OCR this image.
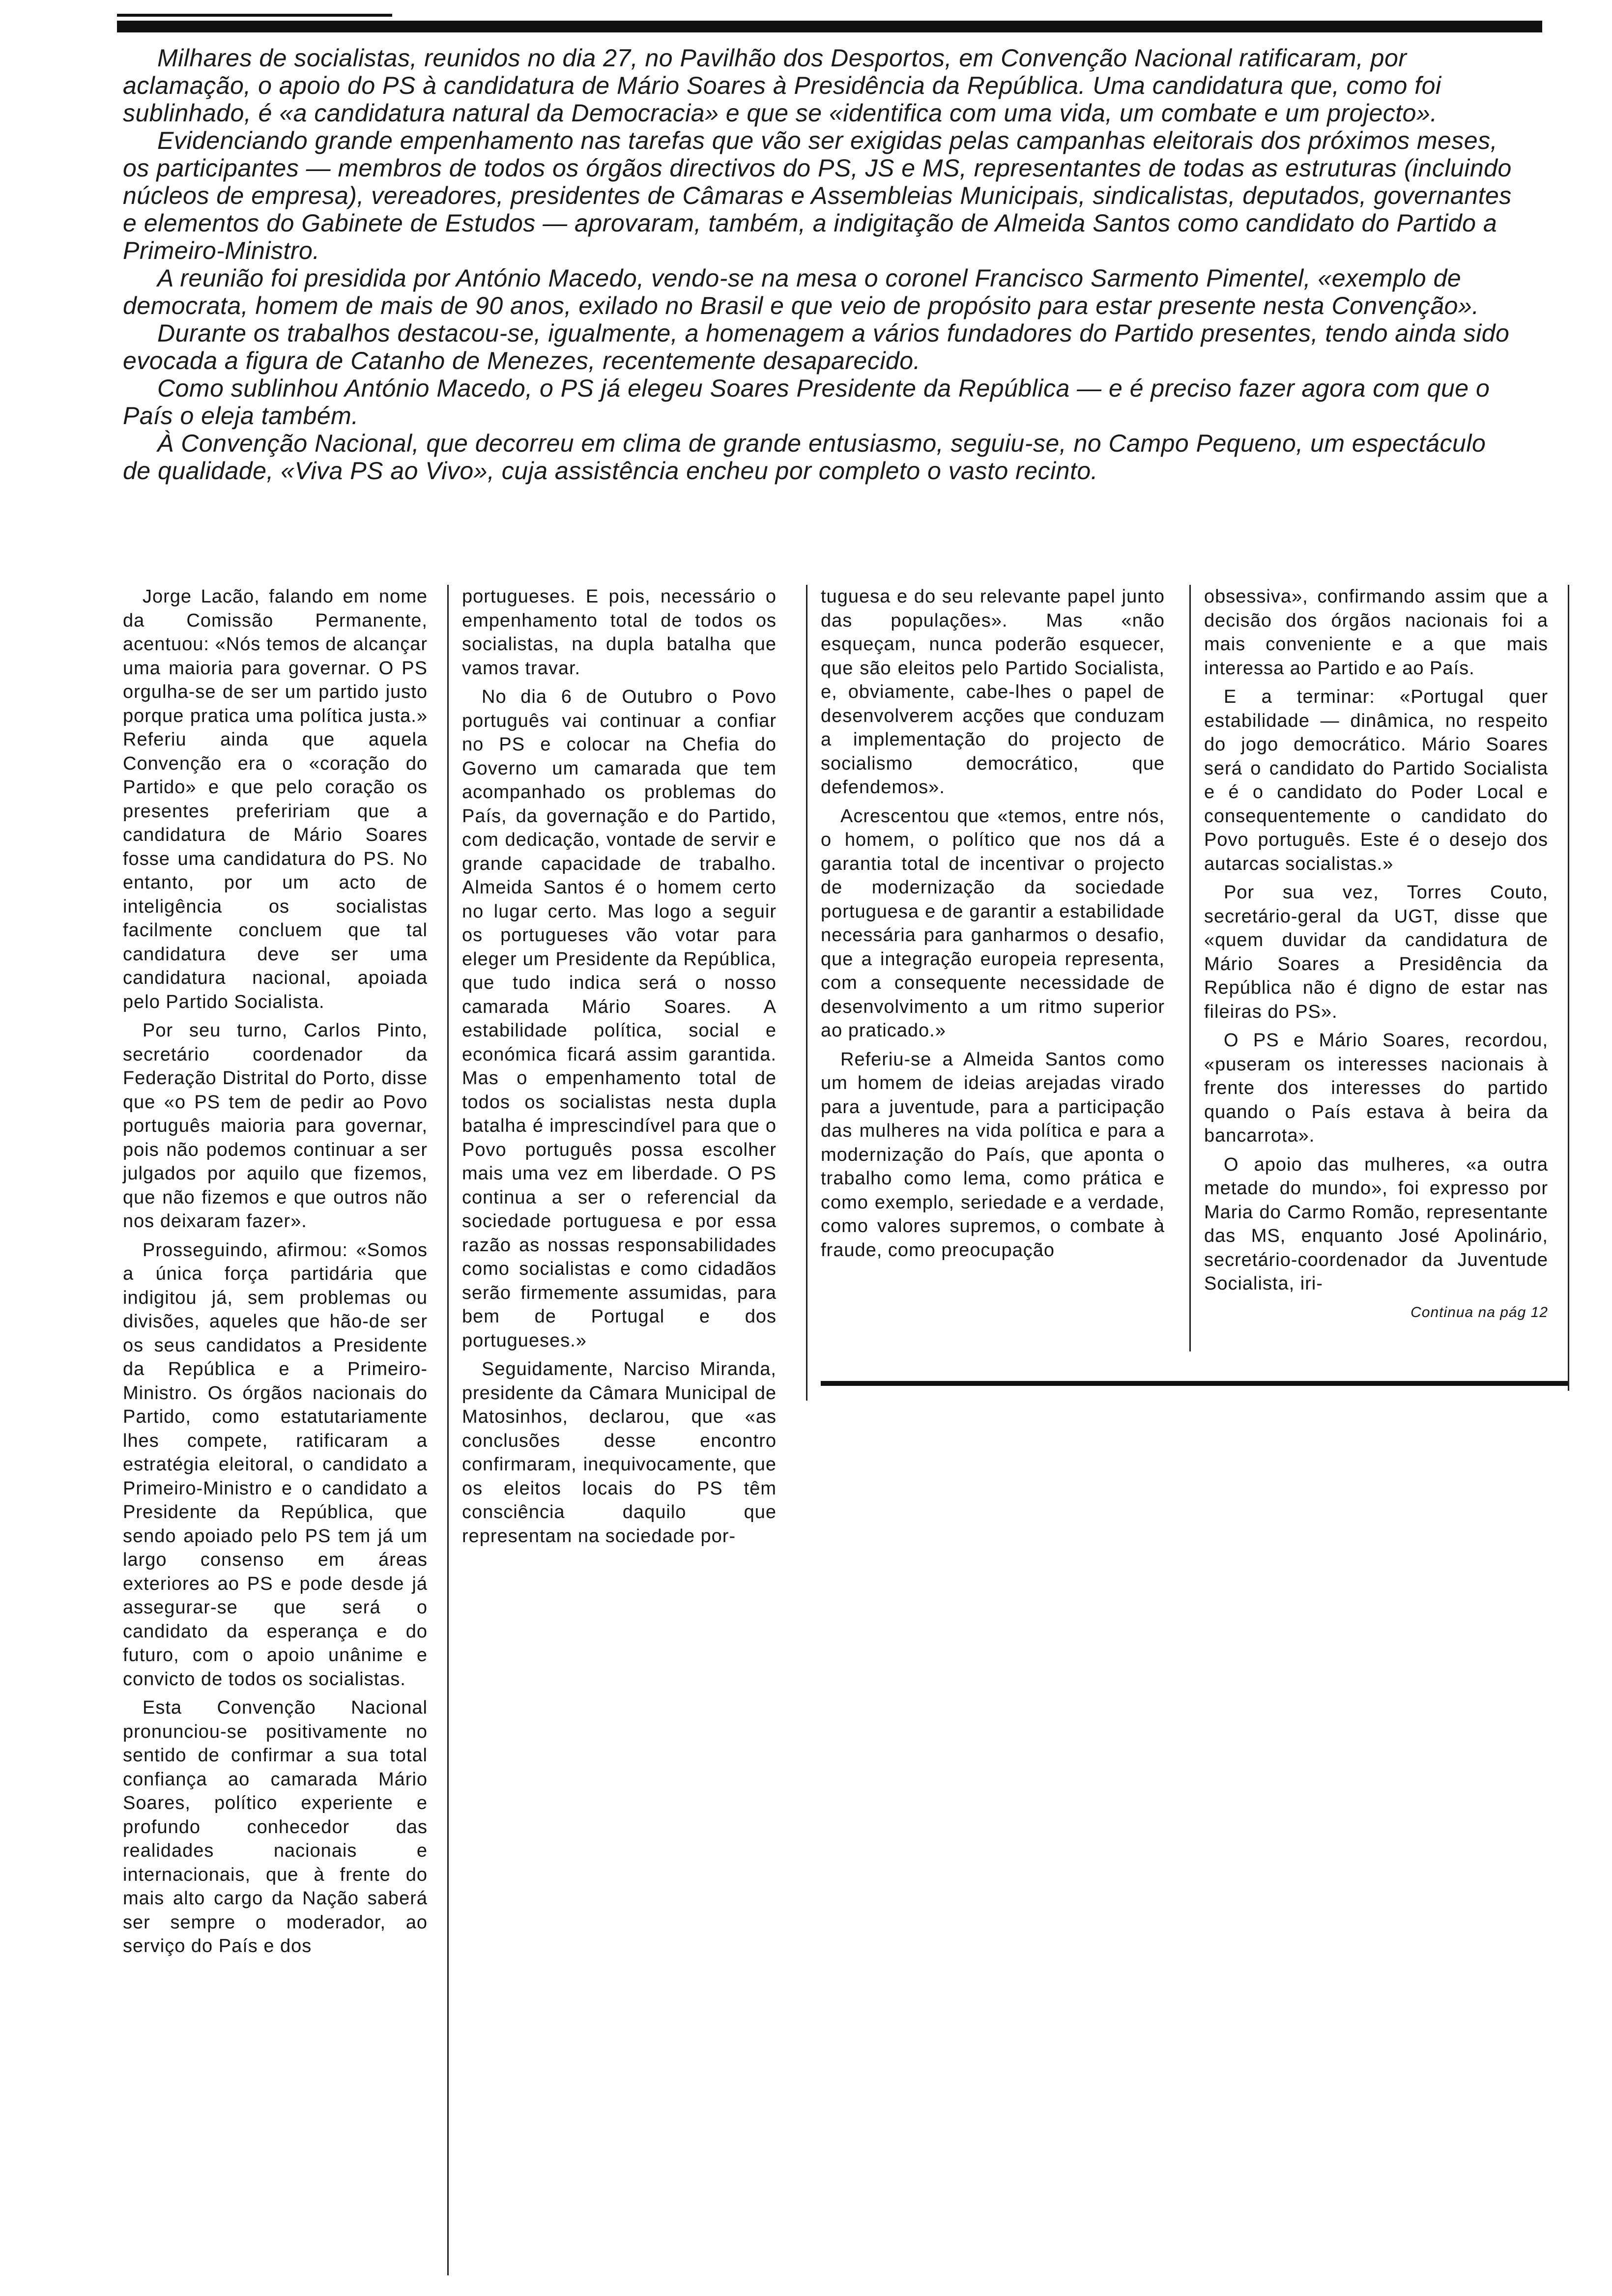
Milhares de socialistas, reunidos no dia 27, no Pavilhão dos Desportos, em Convenção Nacional ratificaram, por aclamação, o apoio do PS à candidatura de Mário Soares à Presidência da República. Uma candidatura que, como foi sublinhado, é «a candidatura natural da Democracia» e que se «identifica com uma vida, um combate e um projecto».

Evidenciando grande empenhamento nas tarefas que vão ser exigidas pelas campanhas eleitorais dos próximos meses, os participantes — membros de todos os órgãos directivos do PS, JS e MS, representantes de todas as estruturas (incluindo núcleos de empresa), vereadores, presidentes de Câmaras e Assembleias Municipais, sindicalistas, deputados, governantes e elementos do Gabinete de Estudos — aprovaram, também, a indigitação de Almeida Santos como candidato do Partido a Primeiro-Ministro.

A reunião foi presidida por António Macedo, vendo-se na mesa o coronel Francisco Sarmento Pimentel, «exemplo de democrata, homem de mais de 90 anos, exilado no Brasil e que veio de propósito para estar presente nesta Convenção».

Durante os trabalhos destacou-se, igualmente, a homenagem a vários fundadores do Partido presentes, tendo ainda sido evocada a figura de Catanho de Menezes, recentemente desaparecido.

Como sublinhou António Macedo, o PS já elegeu Soares Presidente da República — e é preciso fazer agora com que o País o eleja também.

À Convenção Nacional, que decorreu em clima de grande entusiasmo, seguiu-se, no Campo Pequeno, um espectáculo de qualidade, «Viva PS ao Vivo», cuja assistência encheu por completo o vasto recinto.

Jorge Lacão, falando em nome da Comissão Permanente, acentuou: «Nós temos de alcançar uma maioria para governar. O PS orgulha-se de ser um partido justo porque pratica uma política justa.» Referiu ainda que aquela Convenção era o «coração do Partido» e que pelo coração os presentes prefeririam que a candidatura de Mário Soares fosse uma candidatura do PS. No entanto, por um acto de inteligência os socialistas facilmente concluem que tal candidatura deve ser uma candidatura nacional, apoiada pelo Partido Socialista.

Por seu turno, Carlos Pinto, secretário coordenador da Federação Distrital do Porto, disse que «o PS tem de pedir ao Povo português maioria para governar, pois não podemos continuar a ser julgados por aquilo que fizemos, que não fizemos e que outros não nos deixaram fazer».

Prosseguindo, afirmou: «Somos a única força partidária que indigitou já, sem problemas ou divisões, aqueles que hão-de ser os seus candidatos a Presidente da República e a Primeiro-Ministro. Os órgãos nacionais do Partido, como estatutariamente lhes compete, ratificaram a estratégia eleitoral, o candidato a Primeiro-Ministro e o candidato a Presidente da República, que sendo apoiado pelo PS tem já um largo consenso em áreas exteriores ao PS e pode desde já assegurar-se que será o candidato da esperança e do futuro, com o apoio unânime e convicto de todos os socialistas.

Esta Convenção Nacional pronunciou-se positivamente no sentido de confirmar a sua total confiança ao camarada Mário Soares, político experiente e profundo conhecedor das realidades nacionais e internacionais, que à frente do mais alto cargo da Nação saberá ser sempre o moderador, ao serviço do País e dos

portugueses. E pois, necessário o empenhamento total de todos os socialistas, na dupla batalha que vamos travar.

No dia 6 de Outubro o Povo português vai continuar a confiar no PS e colocar na Chefia do Governo um camarada que tem acompanhado os problemas do País, da governação e do Partido, com dedicação, vontade de servir e grande capacidade de trabalho. Almeida Santos é o homem certo no lugar certo. Mas logo a seguir os portugueses vão votar para eleger um Presidente da República, que tudo indica será o nosso camarada Mário Soares. A estabilidade política, social e económica ficará assim garantida. Mas o empenhamento total de todos os socialistas nesta dupla batalha é imprescindível para que o Povo português possa escolher mais uma vez em liberdade. O PS continua a ser o referencial da sociedade portuguesa e por essa razão as nossas responsabilidades como socialistas e como cidadãos serão firmemente assumidas, para bem de Portugal e dos portugueses.»

Seguidamente, Narciso Miranda, presidente da Câmara Municipal de Matosinhos, declarou, que «as conclusões desse encontro confirmaram, inequivocamente, que os eleitos locais do PS têm consciência daquilo que representam na sociedade por-

tuguesa e do seu relevante papel junto das populações». Mas «não esqueçam, nunca poderão esquecer, que são eleitos pelo Partido Socialista, e, obviamente, cabe-lhes o papel de desenvolverem acções que conduzam a implementação do projecto de socialismo democrático, que defendemos».

Acrescentou que «temos, entre nós, o homem, o político que nos dá a garantia total de incentivar o projecto de modernização da sociedade portuguesa e de garantir a estabilidade necessária para ganharmos o desafio, que a integração europeia representa, com a consequente necessidade de desenvolvimento a um ritmo superior ao praticado.»

Referiu-se a Almeida Santos como um homem de ideias arejadas virado para a juventude, para a participação das mulheres na vida política e para a modernização do País, que aponta o trabalho como lema, como prática e como exemplo, seriedade e a verdade, como valores supremos, o combate à fraude, como preocupação

obsessiva», confirmando assim que a decisão dos órgãos nacionais foi a mais conveniente e a que mais interessa ao Partido e ao País.

E a terminar: «Portugal quer estabilidade — dinâmica, no respeito do jogo democrático. Mário Soares será o candidato do Partido Socialista e é o candidato do Poder Local e consequentemente o candidato do Povo português. Este é o desejo dos autarcas socialistas.»

Por sua vez, Torres Couto, secretário-geral da UGT, disse que «quem duvidar da candidatura de Mário Soares a Presidência da República não é digno de estar nas fileiras do PS».

O PS e Mário Soares, recordou, «puseram os interesses nacionais à frente dos interesses do partido quando o País estava à beira da bancarrota».

O apoio das mulheres, «a outra metade do mundo», foi expresso por Maria do Carmo Romão, representante das MS, enquanto José Apolinário, secretário-coordenador da Juventude Socialista, iri-

Continua na pág 12
